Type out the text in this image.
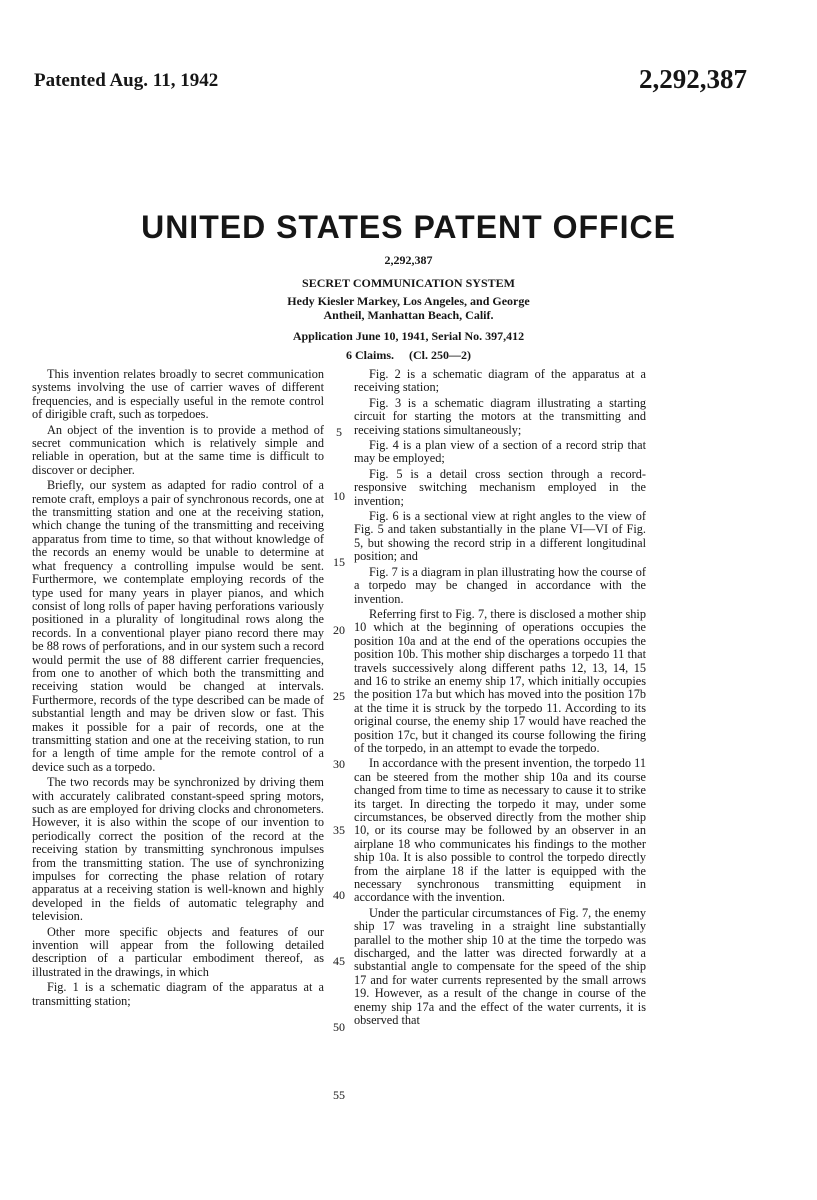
Patented Aug. 11, 1942	2,292,387
UNITED STATES PATENT OFFICE
2,292,387
SECRET COMMUNICATION SYSTEM
Hedy Kiesler Markey, Los Angeles, and George
Antheil, Manhattan Beach, Calif.
Application June 10, 1941, Serial No. 397,412
6 Claims. (Cl. 250—2)

This invention relates broadly to secret communication systems involving the use of carrier waves of different frequencies, and is especially useful in the remote control of dirigible craft, such as torpedoes.

An object of the invention is to provide a method of secret communication which is relatively simple and reliable in operation, but at the same time is difficult to discover or decipher.

Briefly, our system as adapted for radio control of a remote craft, employs a pair of synchronous records, one at the transmitting station and one at the receiving station, which change the tuning of the transmitting and receiving apparatus from time to time, so that without knowledge of the records an enemy would be unable to determine at what frequency a controlling impulse would be sent. Furthermore, we contemplate employing records of the type used for many years in player pianos, and which consist of long rolls of paper having perforations variously positioned in a plurality of longitudinal rows along the records. In a conventional player piano record there may be 88 rows of perforations, and in our system such a record would permit the use of 88 different carrier frequencies, from one to another of which both the transmitting and receiving station would be changed at intervals. Furthermore, records of the type described can be made of substantial length and may be driven slow or fast. This makes it possible for a pair of records, one at the transmitting station and one at the receiving station, to run for a length of time ample for the remote control of a device such as a torpedo.

The two records may be synchronized by driving them with accurately calibrated constant-speed spring motors, such as are employed for driving clocks and chronometers. However, it is also within the scope of our invention to periodically correct the position of the record at the receiving station by transmitting synchronous impulses from the transmitting station. The use of synchronizing impulses for correcting the phase relation of rotary apparatus at a receiving station is well-known and highly developed in the fields of automatic telegraphy and television.

Other more specific objects and features of our invention will appear from the following detailed description of a particular embodiment thereof, as illustrated in the drawings, in which

Fig. 1 is a schematic diagram of the apparatus at a transmitting station;

Fig. 2 is a schematic diagram of the apparatus at a receiving station;

Fig. 3 is a schematic diagram illustrating a starting circuit for starting the motors at the transmitting and receiving stations simultaneously;

Fig. 4 is a plan view of a section of a record strip that may be employed;

Fig. 5 is a detail cross section through a record-responsive switching mechanism employed in the invention;

Fig. 6 is a sectional view at right angles to the view of Fig. 5 and taken substantially in the plane VI—VI of Fig. 5, but showing the record strip in a different longitudinal position; and

Fig. 7 is a diagram in plan illustrating how the course of a torpedo may be changed in accordance with the invention.

Referring first to Fig. 7, there is disclosed a mother ship 10 which at the beginning of operations occupies the position 10a and at the end of the operations occupies the position 10b. This mother ship discharges a torpedo 11 that travels successively along different paths 12, 13, 14, 15 and 16 to strike an enemy ship 17, which initially occupies the position 17a but which has moved into the position 17b at the time it is struck by the torpedo 11. According to its original course, the enemy ship 17 would have reached the position 17c, but it changed its course following the firing of the torpedo, in an attempt to evade the torpedo.

In accordance with the present invention, the torpedo 11 can be steered from the mother ship 10a and its course changed from time to time as necessary to cause it to strike its target. In directing the torpedo it may, under some circumstances, be observed directly from the mother ship 10, or its course may be followed by an observer in an airplane 18 who communicates his findings to the mother ship 10a. It is also possible to control the torpedo directly from the airplane 18 if the latter is equipped with the necessary synchronous transmitting equipment in accordance with the invention.

Under the particular circumstances of Fig. 7, the enemy ship 17 was traveling in a straight line substantially parallel to the mother ship 10 at the time the torpedo was discharged, and the latter was directed forwardly at a substantial angle to compensate for the speed of the ship 17 and for water currents represented by the small arrows 19. However, as a result of the change in course of the enemy ship 17a and the effect of the water currents, it is observed that

5
10
15
20
25
30
35
40
45
50
55
